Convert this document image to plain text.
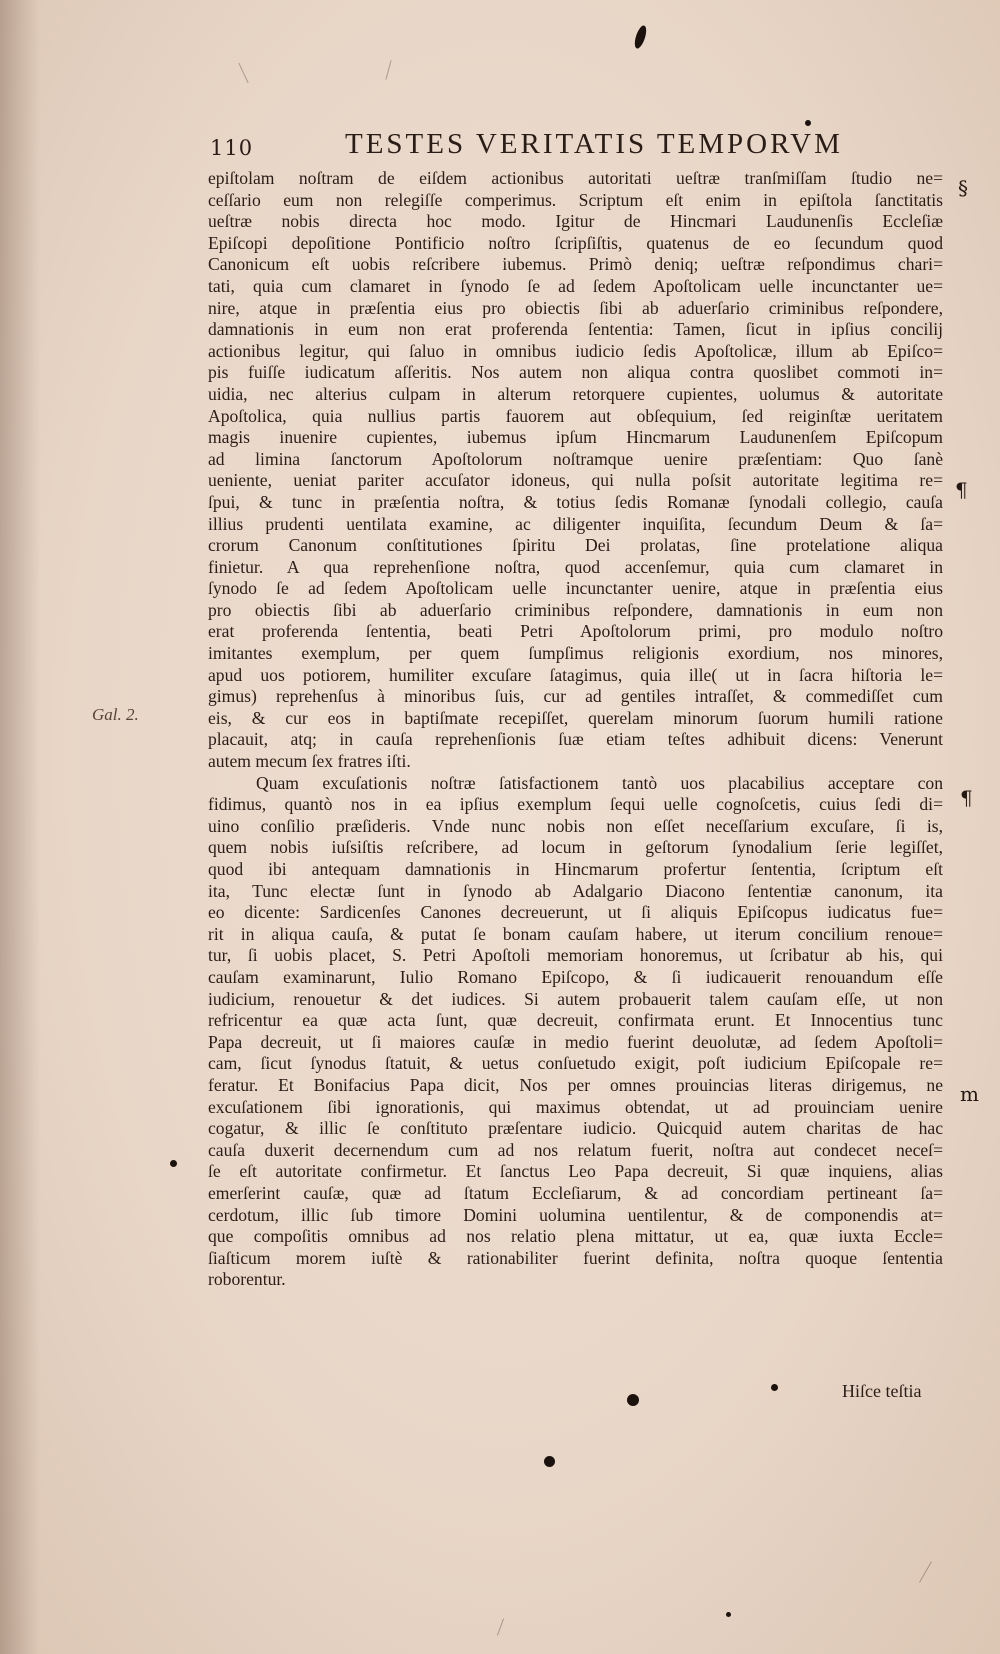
110	TESTES VERITATIS TEMPORVM
epiſtolam noſtram de eiſdem actionibus autoritati ueſtræ tranſmiſſam ſtudio ne=
ceſſario eum non relegiſſe comperimus. Scriptum eſt enim in epiſtola ſanctitatis
ueſtræ nobis directa hoc modo. Igitur de Hincmari Laudunenſis Eccleſiæ
Epiſcopi depoſitione Pontificio noſtro ſcripſiſtis, quatenus de eo ſecundum quod
Canonicum eſt uobis reſcribere iubemus. Primò deniq; ueſtræ reſpondimus chari=
tati, quia cum clamaret in ſynodo ſe ad ſedem Apoſtolicam uelle incunctanter ue=
nire, atque in præſentia eius pro obiectis ſibi ab aduerſario criminibus reſpondere,
damnationis in eum non erat proferenda ſententia: Tamen, ſicut in ipſius concilij
actionibus legitur, qui ſaluo in omnibus iudicio ſedis Apoſtolicæ, illum ab Epiſco=
pis fuiſſe iudicatum aſſeritis. Nos autem non aliqua contra quoslibet commoti in=
uidia, nec alterius culpam in alterum retorquere cupientes, uolumus & autoritate
Apoſtolica, quia nullius partis fauorem aut obſequium, ſed reiginſtæ ueritatem
magis inuenire cupientes, iubemus ipſum Hincmarum Laudunenſem Epiſcopum
ad limina ſanctorum Apoſtolorum noſtramque uenire præſentiam: Quo ſanè
ueniente, ueniat pariter accuſator idoneus, qui nulla poſsit autoritate legitima re=
ſpui, & tunc in præſentia noſtra, & totius ſedis Romanæ ſynodali collegio, cauſa
illius prudenti uentilata examine, ac diligenter inquiſita, ſecundum Deum & ſa=
crorum Canonum conſtitutiones ſpiritu Dei prolatas, ſine protelatione aliqua
finietur. A qua reprehenſione noſtra, quod accenſemur, quia cum clamaret in
ſynodo ſe ad ſedem Apoſtolicam uelle incunctanter uenire, atque in præſentia eius
pro obiectis ſibi ab aduerſario criminibus reſpondere, damnationis in eum non
erat proferenda ſententia, beati Petri Apoſtolorum primi, pro modulo noſtro
imitantes exemplum, per quem ſumpſimus religionis exordium, nos minores,
apud uos potiorem, humiliter excuſare ſatagimus, quia ille( ut in ſacra hiſtoria le=
gimus) reprehenſus à minoribus ſuis, cur ad gentiles intraſſet, & commediſſet cum
eis, & cur eos in baptiſmate recepiſſet, querelam minorum ſuorum humili ratione
placauit, atq; in cauſa reprehenſionis ſuæ etiam teſtes adhibuit dicens: Venerunt
autem mecum ſex fratres iſti.
Quam excuſationis noſtræ ſatisfactionem tantò uos placabilius acceptare con
fidimus, quantò nos in ea ipſius exemplum ſequi uelle cognoſcetis, cuius ſedi di=
uino conſilio præſideris. Vnde nunc nobis non eſſet neceſſarium excuſare, ſi is,
quem nobis iuſsiſtis reſcribere, ad locum in geſtorum ſynodalium ſerie legiſſet,
quod ibi antequam damnationis in Hincmarum profertur ſententia, ſcriptum eſt
ita, Tunc electæ ſunt in ſynodo ab Adalgario Diacono ſententiæ canonum, ita
eo dicente: Sardicenſes Canones decreuerunt, ut ſi aliquis Epiſcopus iudicatus fue=
rit in aliqua cauſa, & putat ſe bonam cauſam habere, ut iterum concilium renoue=
tur, ſi uobis placet, S. Petri Apoſtoli memoriam honoremus, ut ſcribatur ab his, qui
cauſam examinarunt, Iulio Romano Epiſcopo, & ſi iudicauerit renouandum eſſe
iudicium, renouetur & det iudices. Si autem probauerit talem cauſam eſſe, ut non
refricentur ea quæ acta ſunt, quæ decreuit, confirmata erunt. Et Innocentius tunc
Papa decreuit, ut ſi maiores cauſæ in medio fuerint deuolutæ, ad ſedem Apoſtoli=
cam, ſicut ſynodus ſtatuit, & uetus conſuetudo exigit, poſt iudicium Epiſcopale re=
feratur. Et Bonifacius Papa dicit, Nos per omnes prouincias literas dirigemus, ne
excuſationem ſibi ignorationis, qui maximus obtendat, ut ad prouinciam uenire
cogatur, & illic ſe conſtituto præſentare iudicio. Quicquid autem charitas de hac
cauſa duxerit decernendum cum ad nos relatum fuerit, noſtra aut condecet neceſ=
ſe eſt autoritate confirmetur. Et ſanctus Leo Papa decreuit, Si quæ inquiens, alias
emerſerint cauſæ, quæ ad ſtatum Eccleſiarum, & ad concordiam pertineant ſa=
cerdotum, illic ſub timore Domini uolumina uentilentur, & de componendis at=
que compoſitis omnibus ad nos relatio plena mittatur, ut ea, quæ iuxta Eccle=
ſiaſticum morem iuſtè & rationabiliter fuerint definita, noſtra quoque ſententia
roborentur.
Hiſce teſtia
Gal. 2.
§
¶
¶
m
